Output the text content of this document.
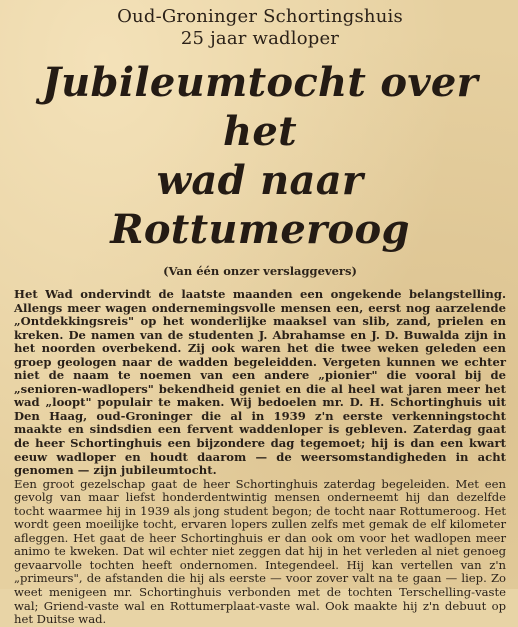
Oud-Groninger Schortingshuis
25 jaar wadloper
Jubileumtocht over het
wad naar Rottumeroog
(Van één onzer verslaggevers)

Het Wad ondervindt de laatste maanden een ongekende belangstelling. Allengs meer wagen ondernemingsvolle mensen een, eerst nog aarzelende „Ontdekkingsreis" op het wonderlijke maaksel van slib, zand, prielen en kreken. De namen van de studenten J. Abrahamse en J. D. Buwalda zijn in het noorden overbekend. Zij ook waren het die twee weken geleden een groep geologen naar de wadden begeleidden. Vergeten kunnen we echter niet de naam te noemen van een andere „pionier" die vooral bij de „senioren-wadlopers" bekendheid geniet en die al heel wat jaren meer het wad „loopt" populair te maken. Wij bedoelen mr. D. H. Schortinghuis uit Den Haag, oud-Groninger die al in 1939 z'n eerste verkenningstocht maakte en sindsdien een fervent waddenloper is gebleven. Zaterdag gaat de heer Schortinghuis een bijzondere dag tegemoet; hij is dan een kwart eeuw wadloper en houdt daarom — de weersomstandigheden in acht genomen — zijn jubileumtocht.

Een groot gezelschap gaat de heer Schortinghuis zaterdag begeleiden. Met een gevolg van maar liefst honderdentwintig mensen onderneemt hij dan dezelfde tocht waarmee hij in 1939 als jong student begon; de tocht naar Rottumeroog. Het wordt geen moeilijke tocht, ervaren lopers zullen zelfs met gemak de elf kilometer afleggen. Het gaat de heer Schortinghuis er dan ook om voor het wadlopen meer animo te kweken. Dat wil echter niet zeggen dat hij in het verleden al niet genoeg gevaarvolle tochten heeft ondernomen. Integendeel. Hij kan vertellen van z'n „primeurs", de afstanden die hij als eerste — voor zover valt na te gaan — liep. Zo weet menigeen mr. Schortinghuis verbonden met de tochten Terschelling-vaste wal; Griend-vaste wal en Rottumerplaat-vaste wal. Ook maakte hij z'n debuut op het Duitse wad.
